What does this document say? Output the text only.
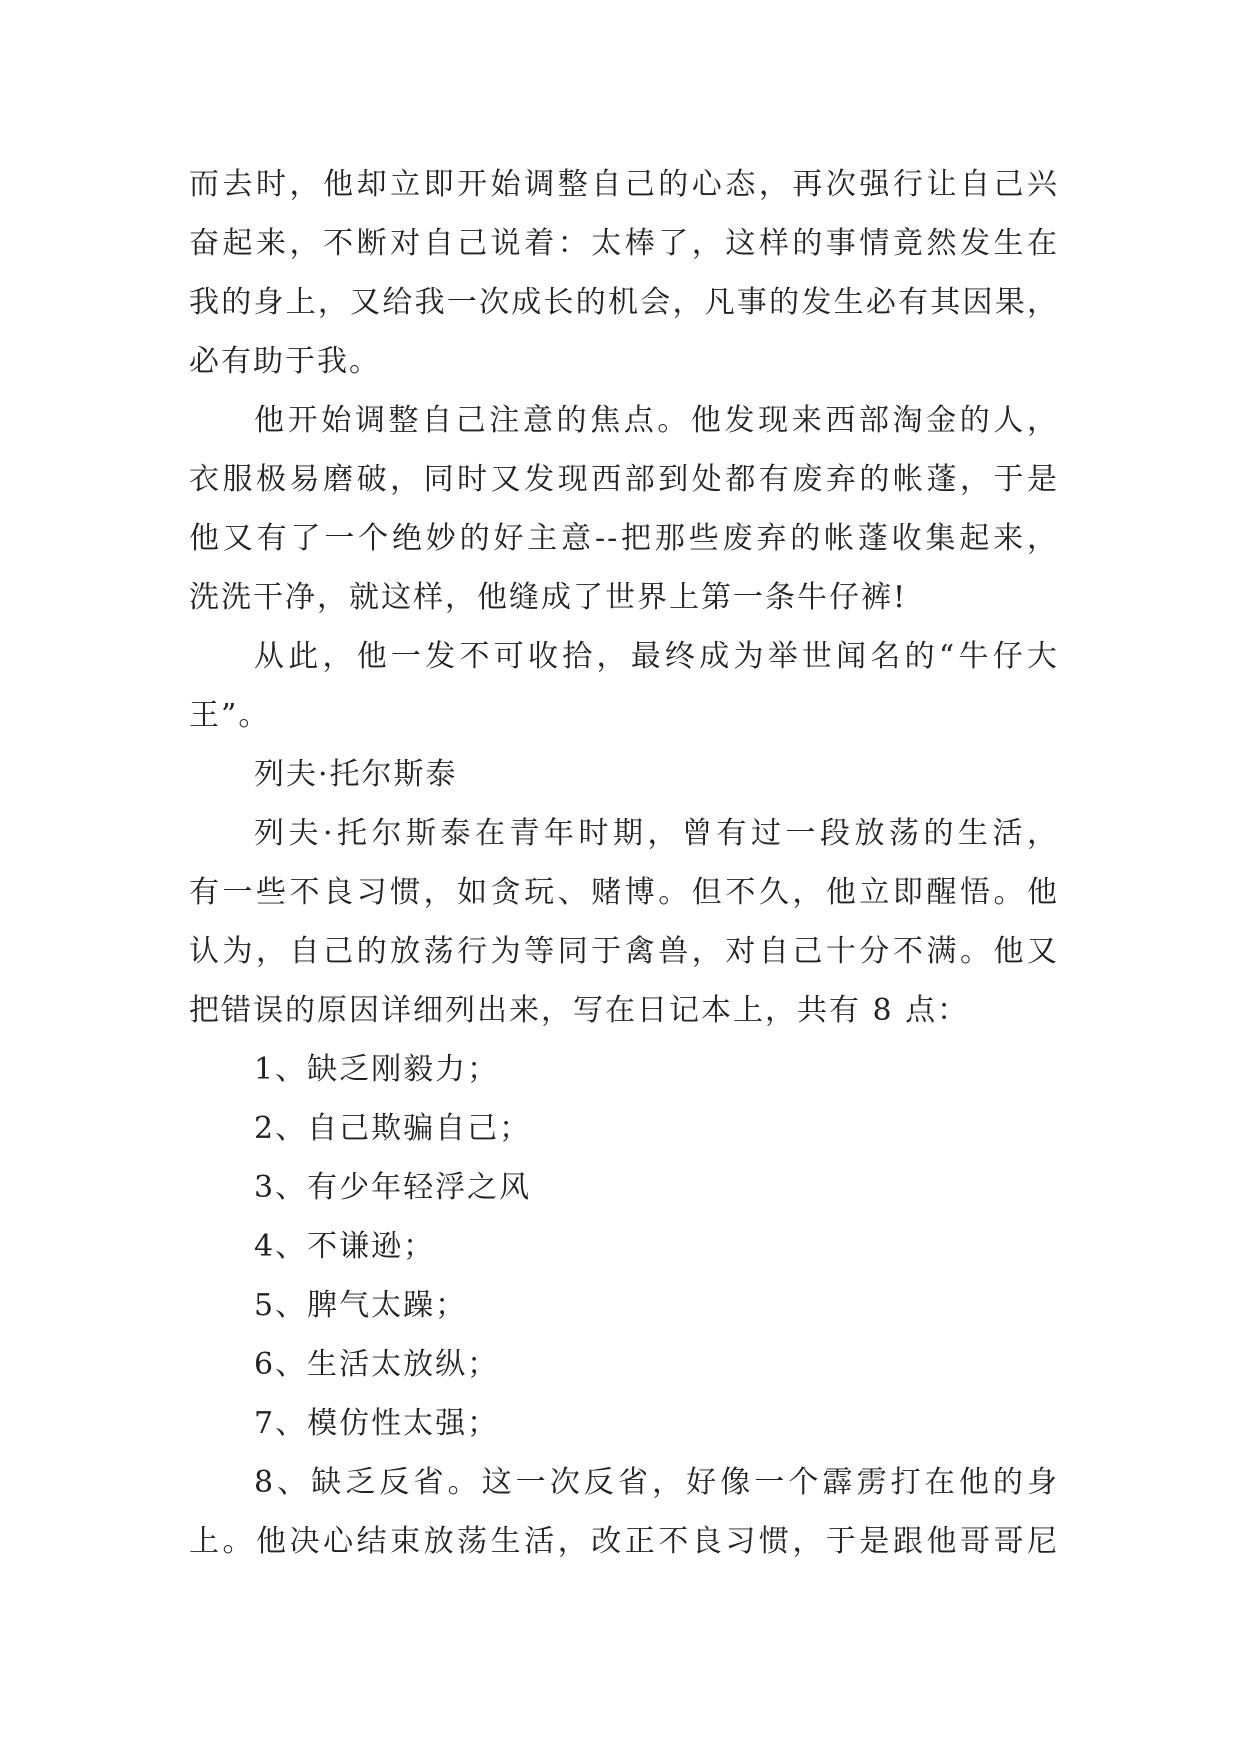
而去时，他却立即开始调整自己的心态，再次强行让自己兴
奋起来，不断对自己说着：太棒了，这样的事情竟然发生在
我的身上，又给我一次成长的机会，凡事的发生必有其因果，
必有助于我。
他开始调整自己注意的焦点。他发现来西部淘金的人，
衣服极易磨破，同时又发现西部到处都有废弃的帐蓬，于是
他又有了一个绝妙的好主意--把那些废弃的帐蓬收集起来，
洗洗干净，就这样，他缝成了世界上第一条牛仔裤!
从此，他一发不可收拾，最终成为举世闻名的“牛仔大
王”。
列夫·托尔斯泰
列夫·托尔斯泰在青年时期，曾有过一段放荡的生活，
有一些不良习惯，如贪玩、赌博。但不久，他立即醒悟。他
认为，自己的放荡行为等同于禽兽，对自己十分不满。他又
把错误的原因详细列出来，写在日记本上，共有 8 点：
1、缺乏刚毅力；
2、自己欺骗自己；
3、有少年轻浮之风
4、不谦逊；
5、脾气太躁；
6、生活太放纵；
7、模仿性太强；
8、缺乏反省。这一次反省，好像一个霹雳打在他的身
上。他决心结束放荡生活，改正不良习惯，于是跟他哥哥尼
